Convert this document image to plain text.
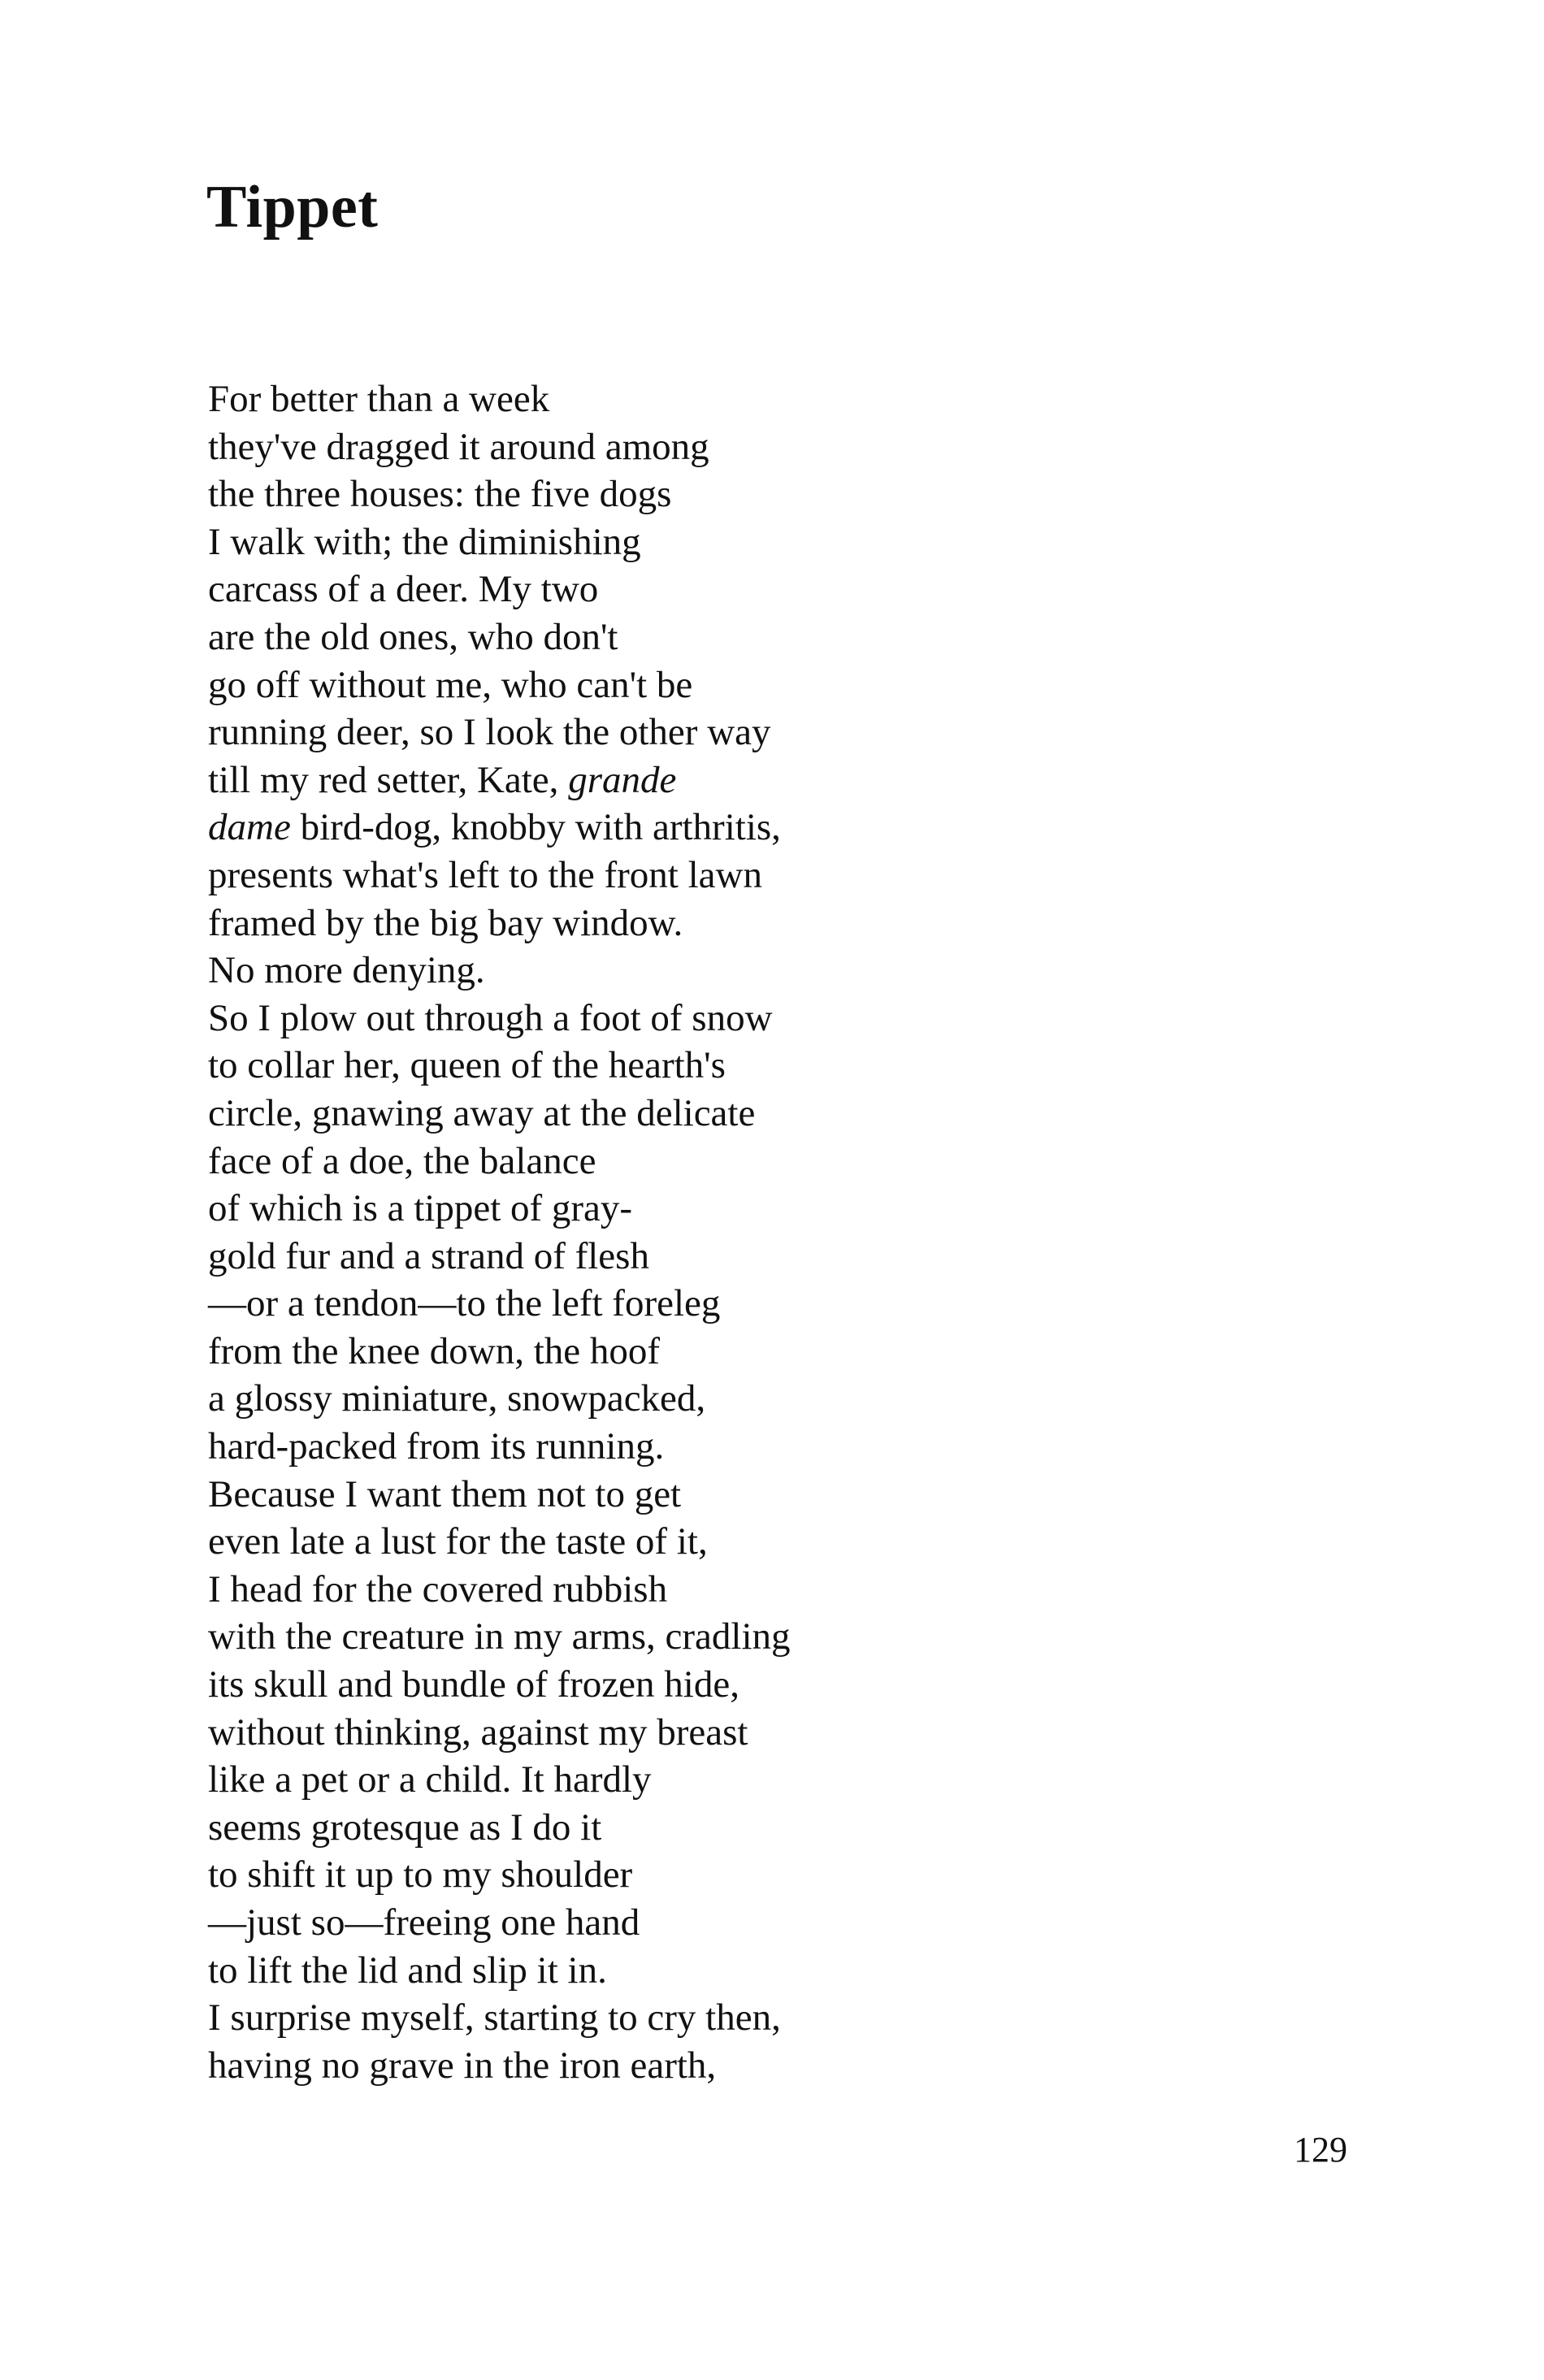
Tippet
For better than a week
they've dragged it around among
the three houses: the five dogs
I walk with; the diminishing
carcass of a deer. My two
are the old ones, who don't
go off without me, who can't be
running deer, so I look the other way
till my red setter, Kate, grande
dame bird-dog, knobby with arthritis,
presents what's left to the front lawn
framed by the big bay window.
No more denying.
So I plow out through a foot of snow
to collar her, queen of the hearth's
circle, gnawing away at the delicate
face of a doe, the balance
of which is a tippet of gray-
gold fur and a strand of flesh
—or a tendon—to the left foreleg
from the knee down, the hoof
a glossy miniature, snowpacked,
hard-packed from its running.
Because I want them not to get
even late a lust for the taste of it,
I head for the covered rubbish
with the creature in my arms, cradling
its skull and bundle of frozen hide,
without thinking, against my breast
like a pet or a child. It hardly
seems grotesque as I do it
to shift it up to my shoulder
—just so—freeing one hand
to lift the lid and slip it in.
I surprise myself, starting to cry then,
having no grave in the iron earth,
129
